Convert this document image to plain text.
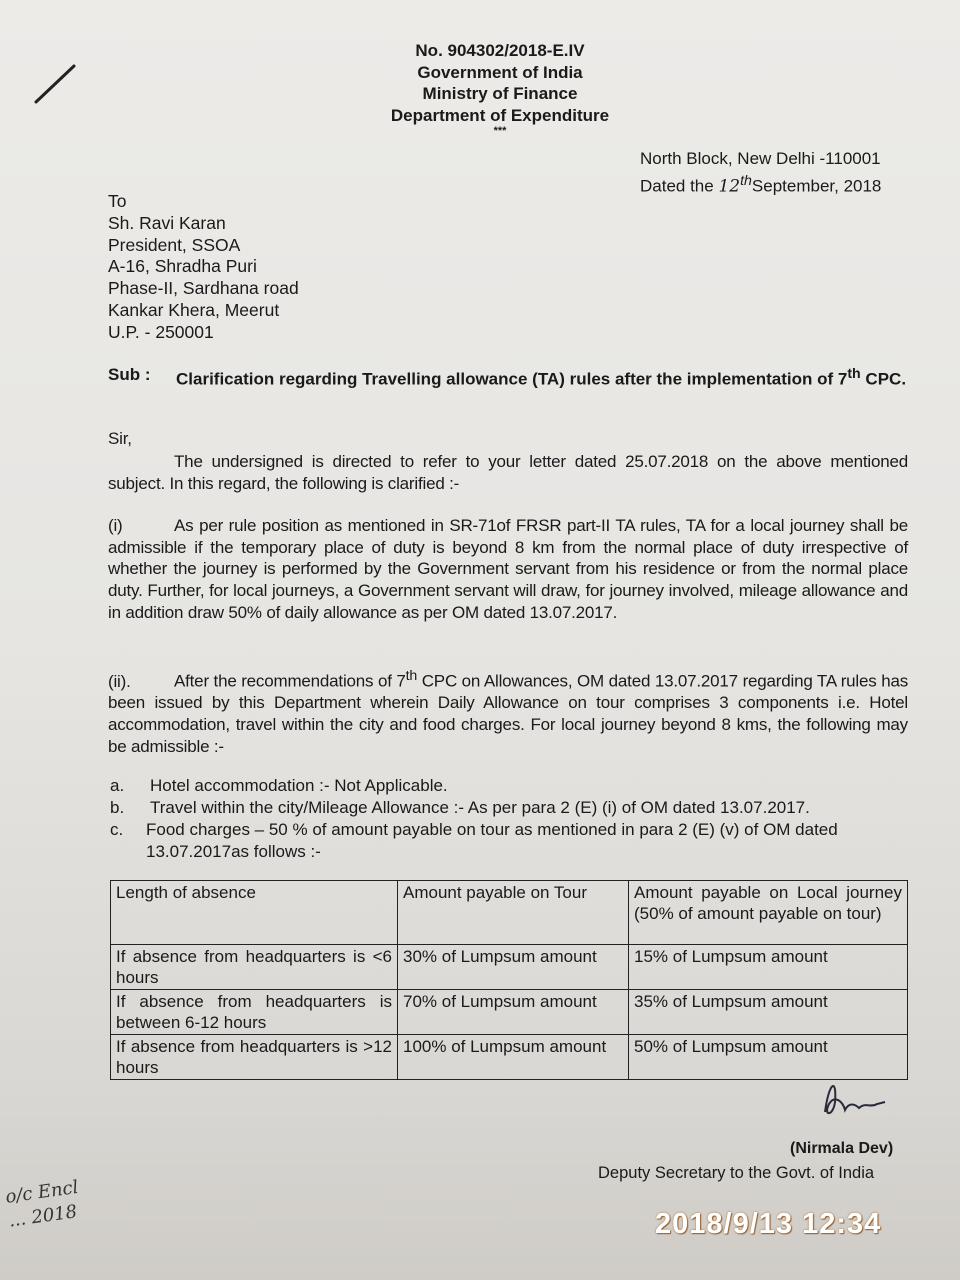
No. 904302/2018-E.IV
Government of India
Ministry of Finance
Department of Expenditure
***
North Block, New Delhi -110001
Dated the 12thSeptember, 2018
To
Sh. Ravi Karan
President, SSOA
A-16, Shradha Puri
Phase-II, Sardhana road
Kankar Khera, Meerut
U.P. - 250001
Sub : Clarification regarding Travelling allowance (TA) rules after the implementation of 7th CPC.
Sir,
The undersigned is directed to refer to your letter dated 25.07.2018 on the above mentioned subject. In this regard, the following is clarified :-
(i)	As per rule position as mentioned in SR-71of FRSR part-II TA rules, TA for a local journey shall be admissible if the temporary place of duty is beyond 8 km from the normal place of duty irrespective of whether the journey is performed by the Government servant from his residence or from the normal place duty. Further, for local journeys, a Government servant will draw, for journey involved, mileage allowance and in addition draw 50% of daily allowance as per OM dated 13.07.2017.
(ii).	After the recommendations of 7th CPC on Allowances, OM dated 13.07.2017 regarding TA rules has been issued by this Department wherein Daily Allowance on tour comprises 3 components i.e. Hotel accommodation, travel within the city and food charges. For local journey beyond 8 kms, the following may be admissible :-
a.	Hotel accommodation :- Not Applicable.
b.	Travel within the city/Mileage Allowance :- As per para 2 (E) (i) of OM dated 13.07.2017.
c.	Food charges – 50 % of amount payable on tour as mentioned in para 2 (E) (v) of OM dated 13.07.2017as follows :-
Length of absence	Amount payable on Tour	Amount payable on Local journey (50% of amount payable on tour)
If absence from headquarters is <6 hours	30% of Lumpsum amount	15% of Lumpsum amount
If absence from headquarters is between 6-12 hours	70% of Lumpsum amount	35% of Lumpsum amount
If absence from headquarters is >12 hours	100% of Lumpsum amount	50% of Lumpsum amount
(Nirmala Dev)
Deputy Secretary to the Govt. of India
2018/9/13 12:34
o/c Encl ... 2018
